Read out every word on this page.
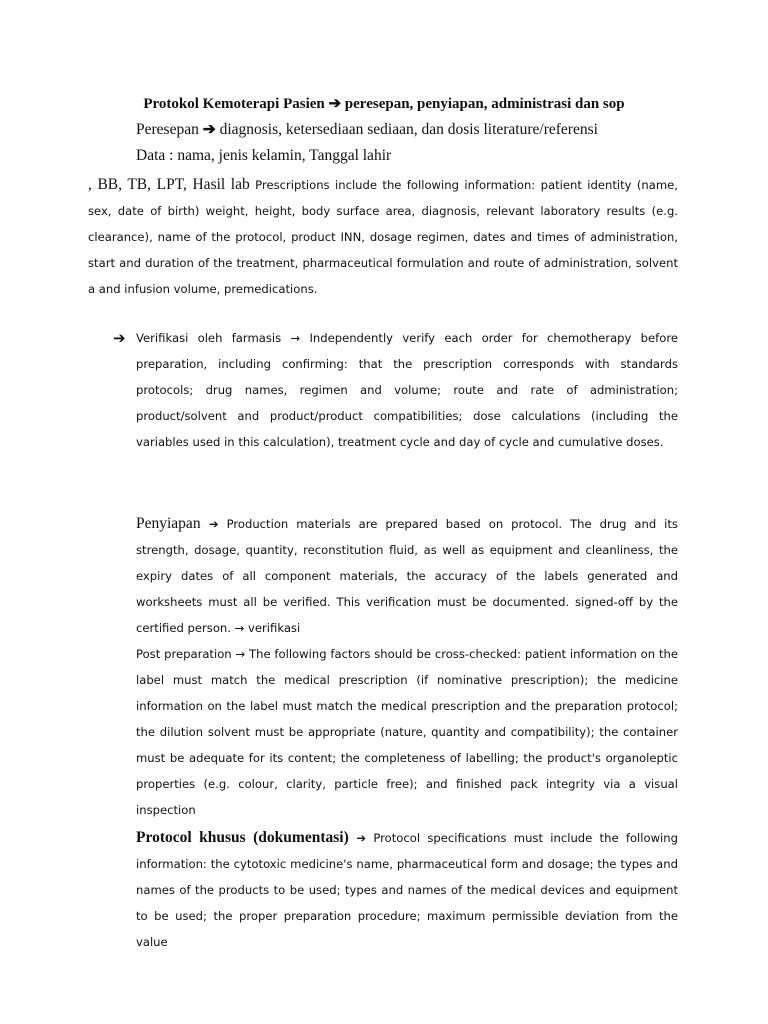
Protokol Kemoterapi Pasien ➔ peresepan, penyiapan, administrasi dan sop
Peresepan ➔ diagnosis, ketersediaan sediaan, dan dosis literature/referensi
Data : nama, jenis kelamin, Tanggal lahir
, BB, TB, LPT, Hasil lab Prescriptions include the following information: patient identity (name, sex, date of birth) weight, height, body surface area, diagnosis, relevant laboratory results (e.g. clearance), name of the protocol, product INN, dosage regimen, dates and times of administration, start and duration of the treatment, pharmaceutical formulation and route of administration, solvent a and infusion volume, premedications.
➔ Verifikasi oleh farmasis → Independently verify each order for chemotherapy before preparation, including confirming: that the prescription corresponds with standards protocols; drug names, regimen and volume; route and rate of administration; product/solvent and product/product compatibilities; dose calculations (including the variables used in this calculation), treatment cycle and day of cycle and cumulative doses.
Penyiapan ➔ Production materials are prepared based on protocol. The drug and its strength, dosage, quantity, reconstitution fluid, as well as equipment and cleanliness, the expiry dates of all component materials, the accuracy of the labels generated and worksheets must all be verified. This verification must be documented. signed-off by the certified person. → verifikasi
Post preparation → The following factors should be cross-checked: patient information on the label must match the medical prescription (if nominative prescription); the medicine information on the label must match the medical prescription and the preparation protocol; the dilution solvent must be appropriate (nature, quantity and compatibility); the container must be adequate for its content; the completeness of labelling; the product's organoleptic properties (e.g. colour, clarity, particle free); and finished pack integrity via a visual inspection
Protocol khusus (dokumentasi) ➔ Protocol specifications must include the following information: the cytotoxic medicine's name, pharmaceutical form and dosage; the types and names of the products to be used; types and names of the medical devices and equipment to be used; the proper preparation procedure; maximum permissible deviation from the value
